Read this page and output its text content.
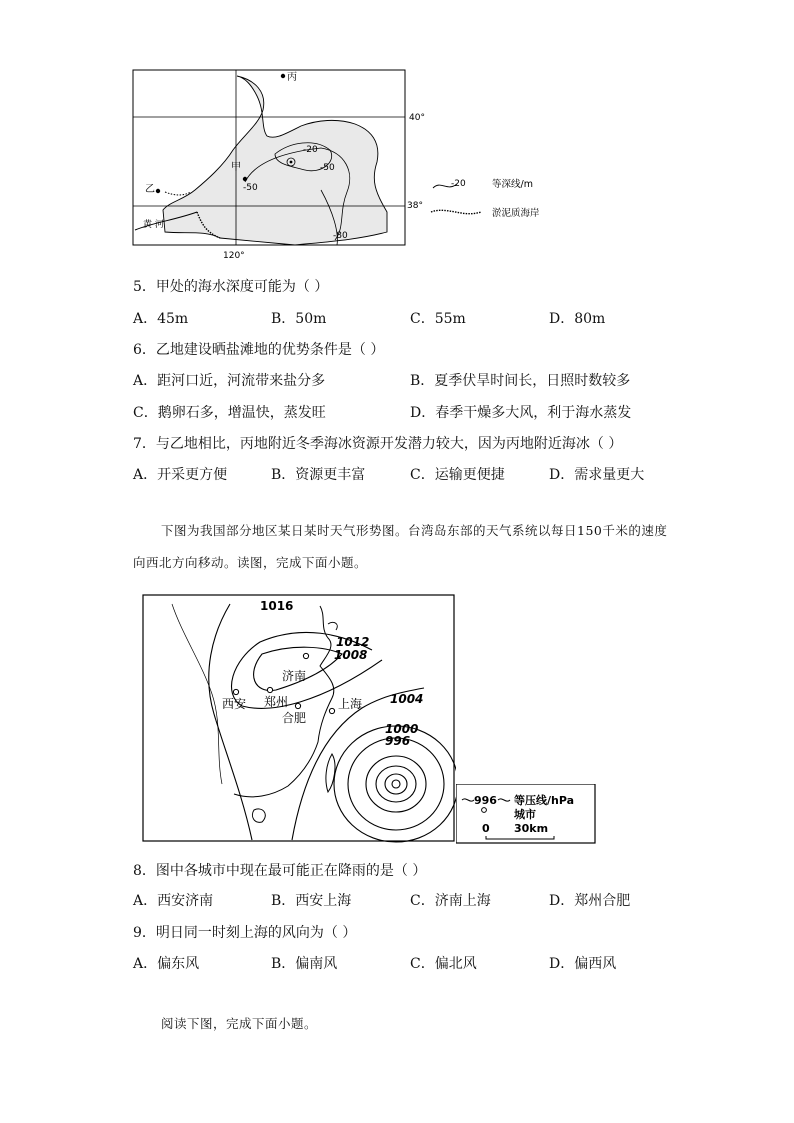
丙
甲
乙
黄 河
-20
-50
-50
-80
40°
38°
120°
-20	等深线/m
淤泥质海岸
5．甲处的海水深度可能为（ ）
A．45m	B．50m	C．55m	D．80m
6．乙地建设晒盐滩地的优势条件是（ ）
A．距河口近，河流带来盐分多	B．夏季伏旱时间长，日照时数较多
C．鹅卵石多，增温快，蒸发旺	D．春季干燥多大风，利于海水蒸发
7．与乙地相比，丙地附近冬季海冰资源开发潜力较大，因为丙地附近海冰（ ）
A．开采更方便	B．资源更丰富	C．运输更便捷	D．需求量更大
下图为我国部分地区某日某时天气形势图。台湾岛东部的天气系统以每日150千米的速度向西北方向移动。读图，完成下面小题。
1016
1012
1008
1004
1000
996
济南
西安 郑州
合肥
上海
996 等压线/hPa
城市
0 30km
8．图中各城市中现在最可能正在降雨的是（ ）
A．西安济南	B．西安上海	C．济南上海	D．郑州合肥
9．明日同一时刻上海的风向为（ ）
A．偏东风	B．偏南风	C．偏北风	D．偏西风
阅读下图，完成下面小题。
